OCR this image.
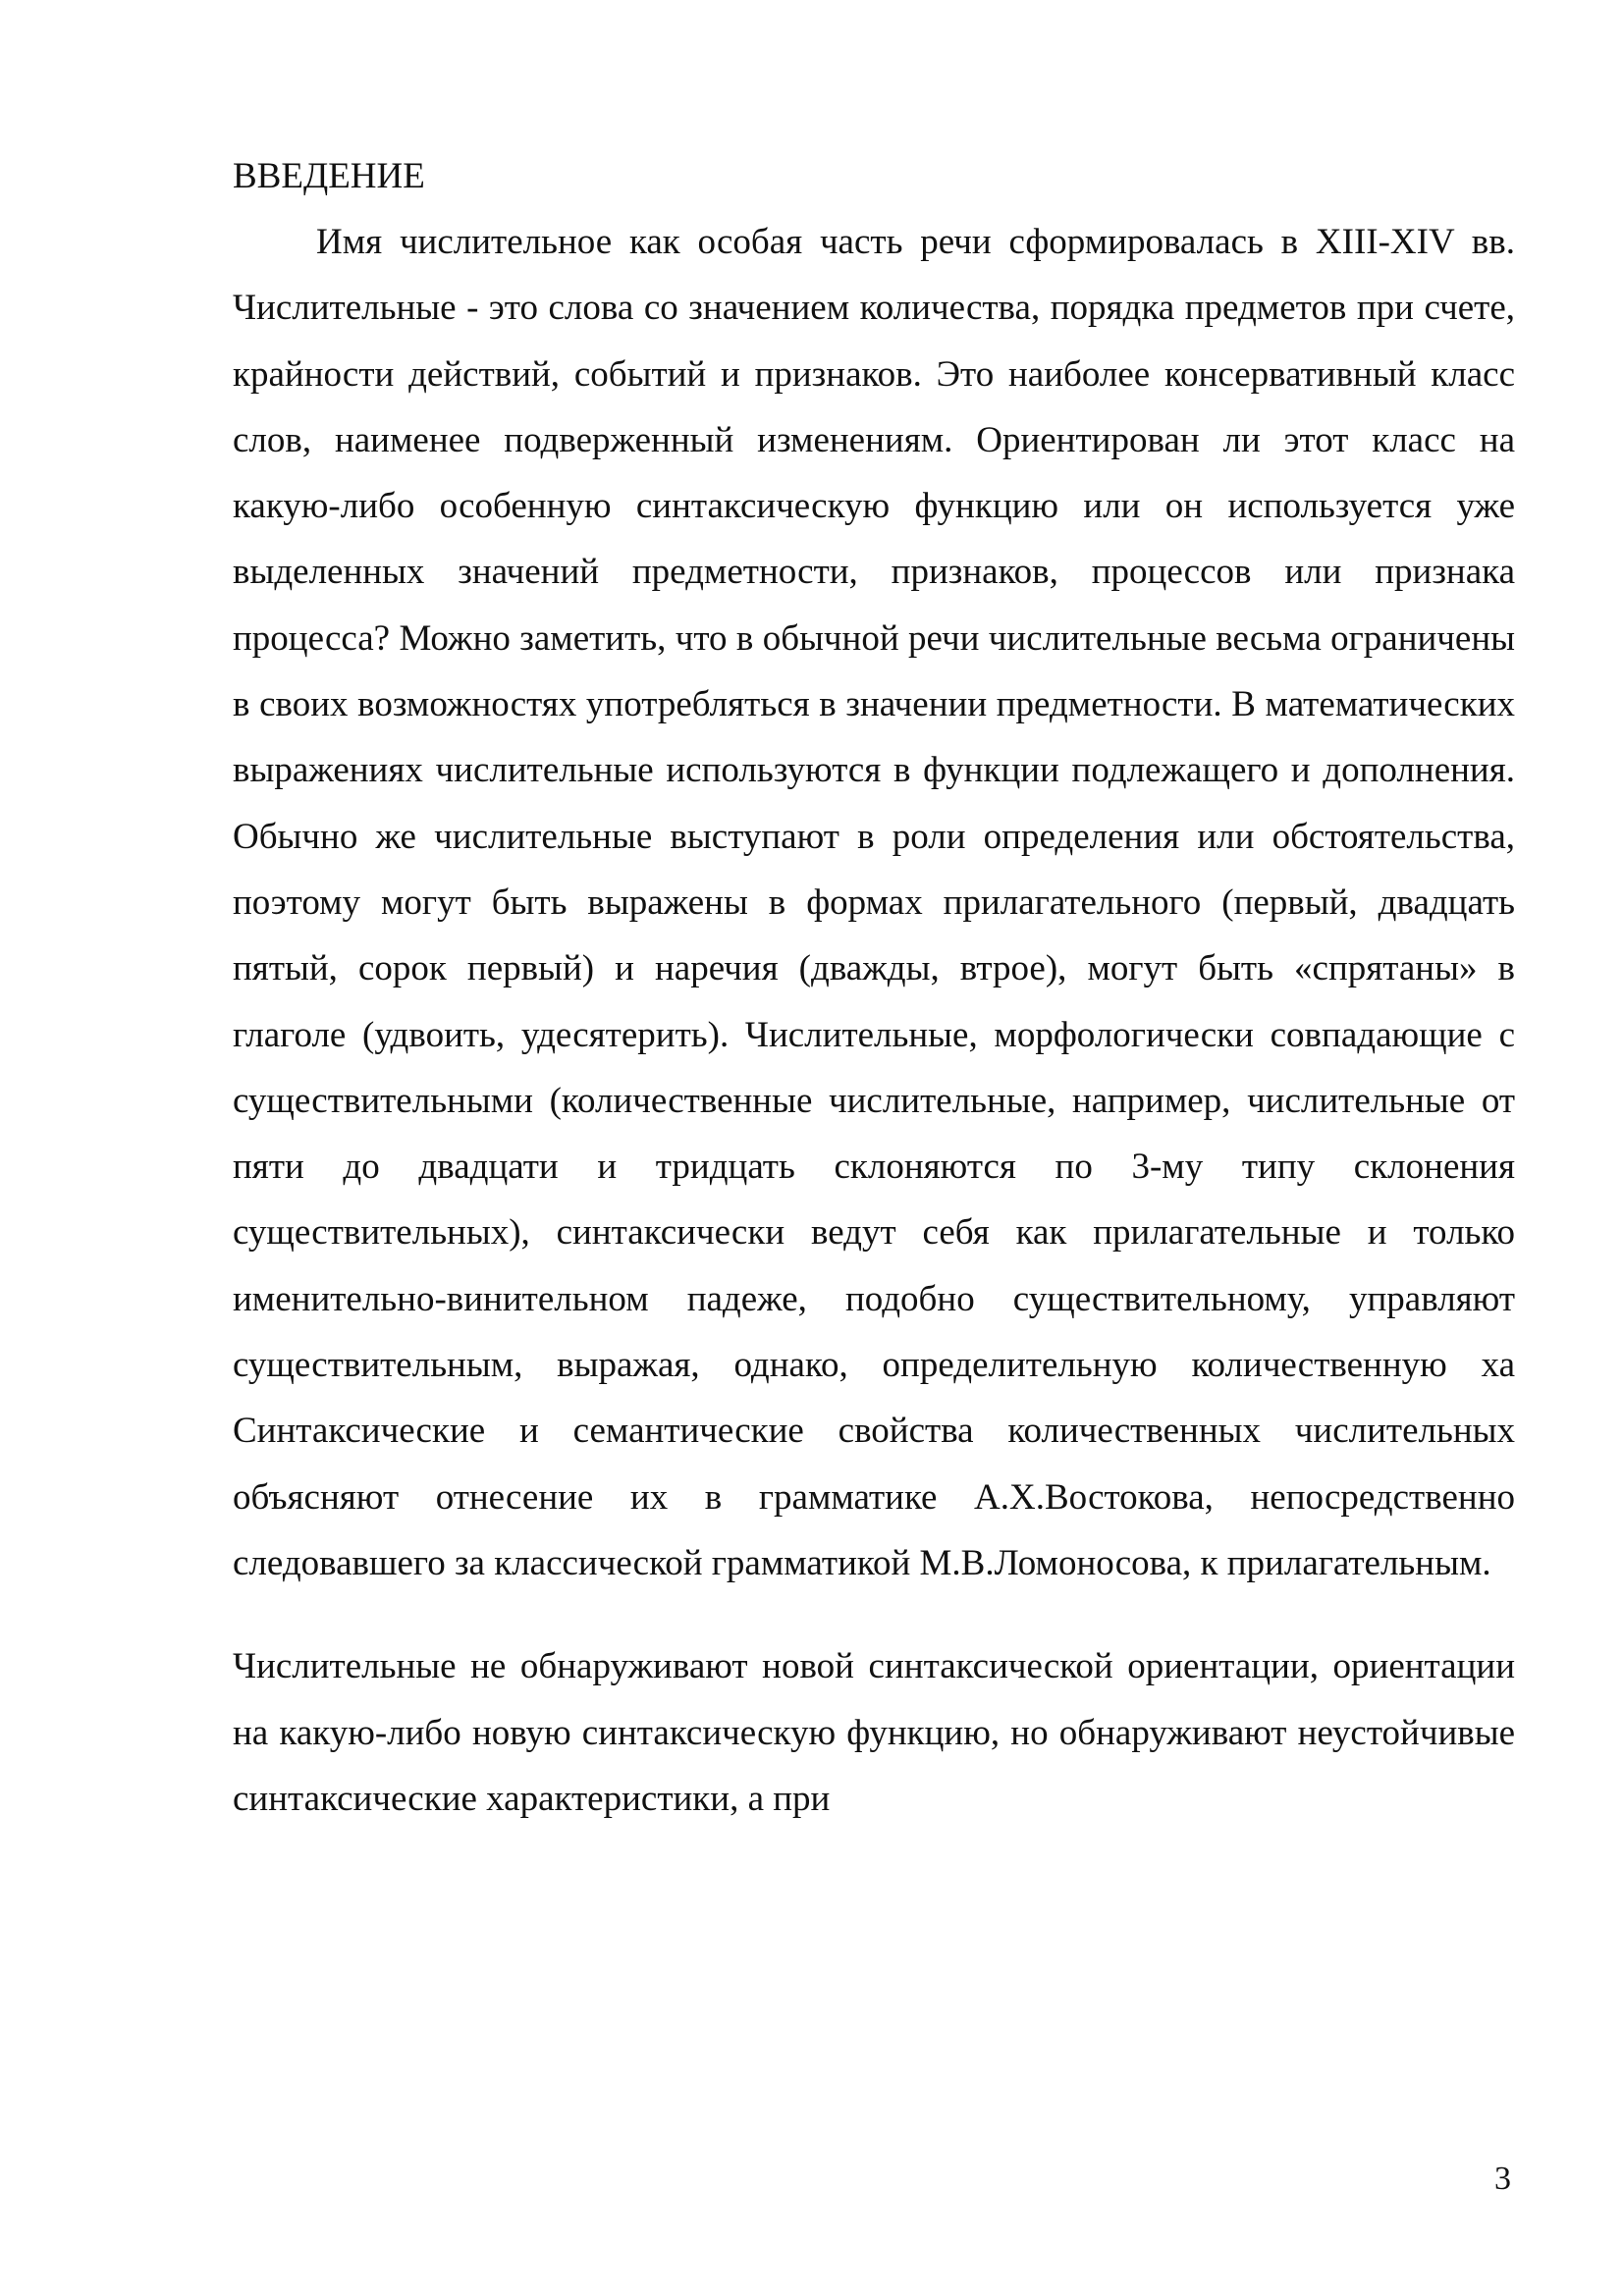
ВВЕДЕНИЕ

Имя числительное как особая часть речи сформировалась в XIII-XIV вв. Числительные - это слова со значением количества, порядка предметов при счете, крайности действий, событий и признаков. Это наиболее консервативный класс слов, наименее подверженный изменениям. Ориентирован ли этот класс на какую-либо особенную синтаксическую функцию или он используется уже выделенных значений предметности, признаков, процессов или признака процесса? Можно заметить, что в обычной речи числительные весьма ограничены в своих возможностях употребляться в значении предметности. В математических выражениях числительные используются в функции подлежащего и дополнения. Обычно же числительные выступают в роли определения или обстоятельства, поэтому могут быть выражены в формах прилагательного (первый, двадцать пятый, сорок первый) и наречия (дважды, втрое), могут быть «спрятаны» в глаголе (удвоить, удесятерить). Числительные, морфологически совпадающие с существительными (количественные числительные, например, числительные от пяти до двадцати и тридцать склоняются по 3-му типу склонения существительных), синтаксически ведут себя как прилагательные и только именительно-винительном падеже, подобно существительному, управляют существительным, выражая, однако, определительную количественную ха Синтаксические и семантические свойства количественных числительных объясняют отнесение их в грамматике А.Х.Востокова, непосредственно следовавшего за классической грамматикой М.В.Ломоносова, к прилагательным.

Числительные не обнаруживают новой синтаксической ориентации, ориентации на какую-либо новую синтаксическую функцию, но обнаруживают неустойчивые синтаксические характеристики, а при

3
